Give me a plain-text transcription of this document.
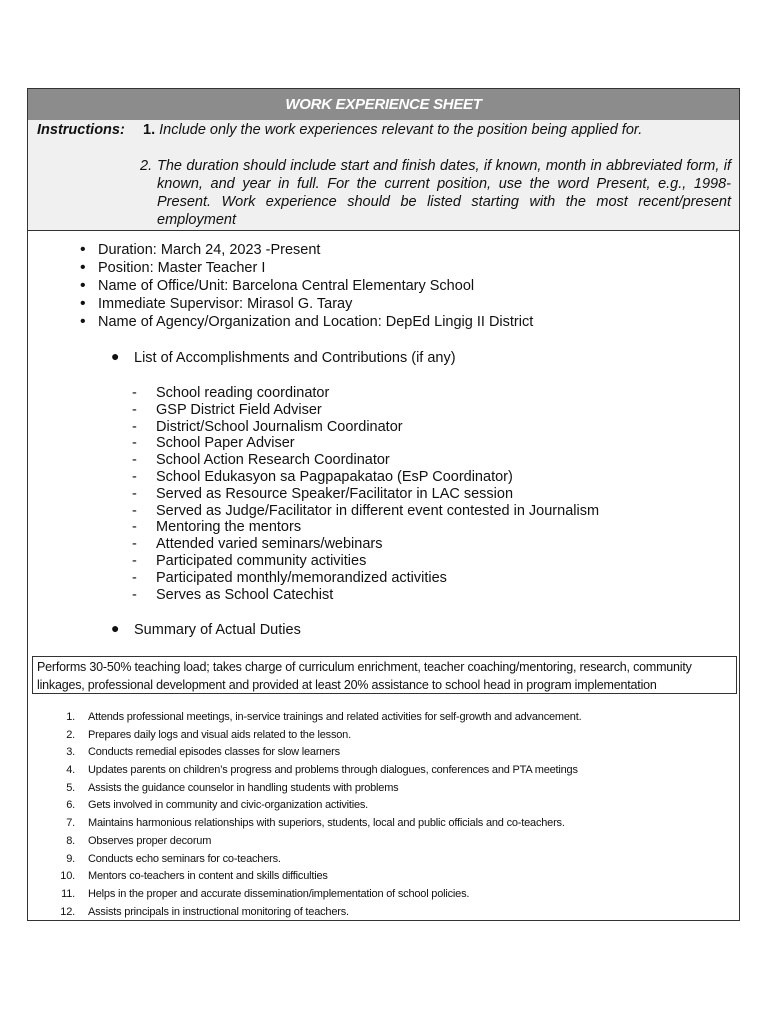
WORK EXPERIENCE SHEET
Instructions: 1. Include only the work experiences relevant to the position being applied for.
2. The duration should include start and finish dates, if known, month in abbreviated form, if known, and year in full. For the current position, use the word Present, e.g., 1998-Present. Work experience should be listed starting with the most recent/present employment
• Duration: March 24, 2023 -Present
• Position: Master Teacher I
• Name of Office/Unit: Barcelona Central Elementary School
• Immediate Supervisor: Mirasol G. Taray
• Name of Agency/Organization and Location: DepEd Lingig II District
● List of Accomplishments and Contributions (if any)
- School reading coordinator
- GSP District Field Adviser
- District/School Journalism Coordinator
- School Paper Adviser
- School Action Research Coordinator
- School Edukasyon sa Pagpapakatao (EsP Coordinator)
- Served as Resource Speaker/Facilitator in LAC session
- Served as Judge/Facilitator in different event contested in Journalism
- Mentoring the mentors
- Attended varied seminars/webinars
- Participated community activities
- Participated monthly/memorandized activities
- Serves as School Catechist
● Summary of Actual Duties
Performs 30-50% teaching load; takes charge of curriculum enrichment, teacher coaching/mentoring, research, community linkages, professional development and provided at least 20% assistance to school head in program implementation
1. Attends professional meetings, in-service trainings and related activities for self-growth and advancement.
2. Prepares daily logs and visual aids related to the lesson.
3. Conducts remedial episodes classes for slow learners
4. Updates parents on children’s progress and problems through dialogues, conferences and PTA meetings
5. Assists the guidance counselor in handling students with problems
6. Gets involved in community and civic-organization activities.
7. Maintains harmonious relationships with superiors, students, local and public officials and co-teachers.
8. Observes proper decorum
9. Conducts echo seminars for co-teachers.
10. Mentors co-teachers in content and skills difficulties
11. Helps in the proper and accurate dissemination/implementation of school policies.
12. Assists principals in instructional monitoring of teachers.
